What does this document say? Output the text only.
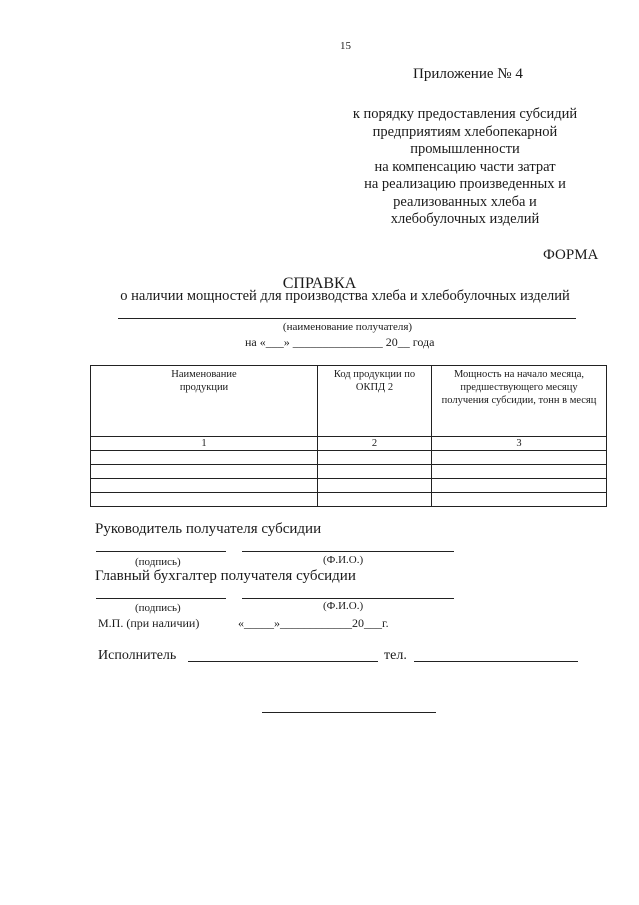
15
Приложение № 4
к порядку предоставления субсидий
предприятиям хлебопекарной
промышленности
на компенсацию части затрат
на реализацию произведенных и
реализованных хлеба и
хлебобулочных изделий
ФОРМА
СПРАВКА
о наличии мощностей для производства хлеба и хлебобулочных изделий
(наименование получателя)
на «___» _______________ 20__ года
Наименование продукции	Код продукции по ОКПД 2	Мощность на начало месяца, предшествующего месяцу получения субсидии, тонн в месяц

1	2	3

Руководитель получателя субсидии
(подпись)	(Ф.И.О.)
Главный бухгалтер получателя субсидии
(подпись)	(Ф.И.О.)
М.П. (при наличии)	«_____»____________20___г.
Исполнитель	тел.
